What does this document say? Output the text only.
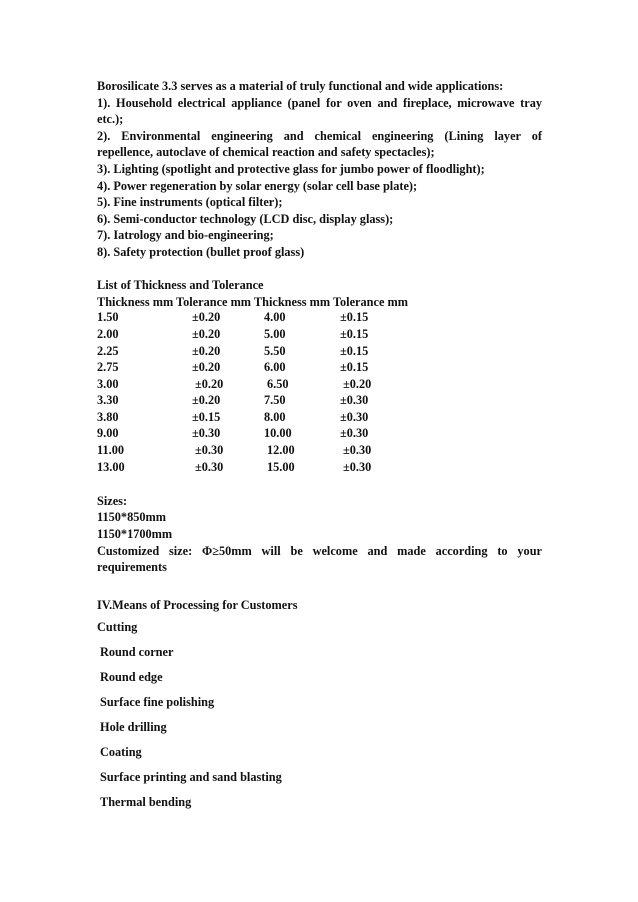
Borosilicate 3.3 serves as a material of truly functional and wide applications:
1). Household electrical appliance (panel for oven and fireplace, microwave tray
etc.);
2). Environmental engineering and chemical engineering (Lining layer of
repellence, autoclave of chemical reaction and safety spectacles);
3). Lighting (spotlight and protective glass for jumbo power of floodlight);
4). Power regeneration by solar energy (solar cell base plate);
5). Fine instruments (optical filter);
6). Semi-conductor technology (LCD disc, display glass);
7). Iatrology and bio-engineering;
8). Safety protection (bullet proof glass)
List of Thickness and Tolerance
Thickness mm Tolerance mm Thickness mm Tolerance mm
1.50	±0.20	4.00	±0.15
2.00	±0.20	5.00	±0.15
2.25	±0.20	5.50	±0.15
2.75	±0.20	6.00	±0.15
3.00	±0.20	6.50	±0.20
3.30	±0.20	7.50	±0.30
3.80	±0.15	8.00	±0.30
9.00	±0.30	10.00	±0.30
11.00	±0.30	12.00	±0.30
13.00	±0.30	15.00	±0.30
Sizes:
1150*850mm
1150*1700mm
Customized size: Φ≥50mm will be welcome and made according to your
requirements
IV.Means of Processing for Customers
Cutting
Round corner
Round edge
Surface fine polishing
Hole drilling
Coating
Surface printing and sand blasting
Thermal bending
